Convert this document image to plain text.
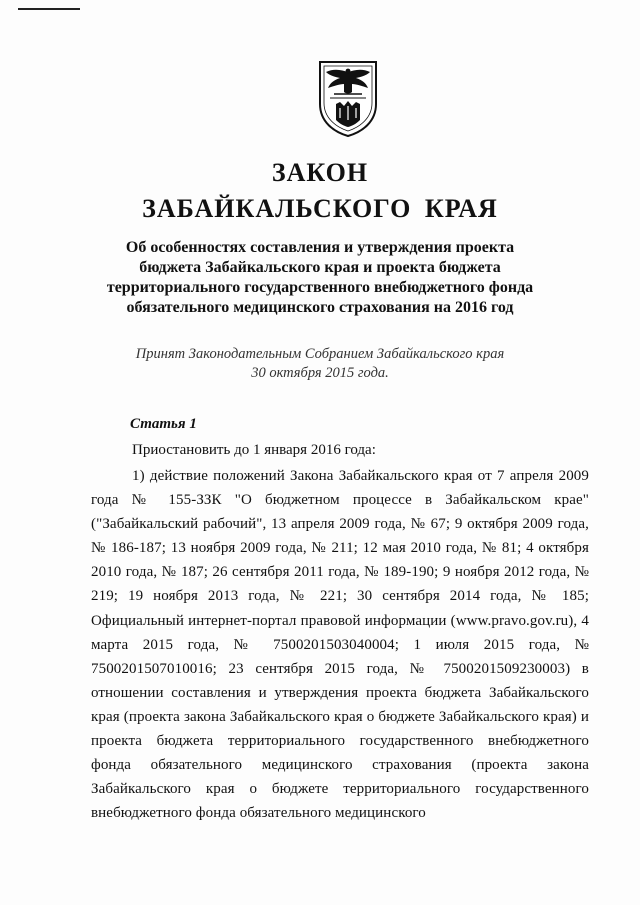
ЗАКОН
ЗАБАЙКАЛЬСКОГО КРАЯ
Об особенностях составления и утверждения проекта бюджета Забайкальского края и проекта бюджета территориального государственного внебюджетного фонда обязательного медицинского страхования на 2016 год
Принят Законодательным Собранием Забайкальского края
30 октября 2015 года.
Статья 1
Приостановить до 1 января 2016 года:
1) действие положений Закона Забайкальского края от 7 апреля 2009 года № 155-ЗЗК "О бюджетном процессе в Забайкальском крае" ("Забайкальский рабочий", 13 апреля 2009 года, № 67; 9 октября 2009 года, № 186-187; 13 ноября 2009 года, № 211; 12 мая 2010 года, № 81; 4 октября 2010 года, № 187; 26 сентября 2011 года, № 189-190; 9 ноября 2012 года, № 219; 19 ноября 2013 года, № 221; 30 сентября 2014 года, № 185; Официальный интернет-портал правовой информации (www.pravo.gov.ru), 4 марта 2015 года, № 7500201503040004; 1 июля 2015 года, № 7500201507010016; 23 сентября 2015 года, № 7500201509230003) в отношении составления и утверждения проекта бюджета Забайкальского края (проекта закона Забайкальского края о бюджете Забайкальского края) и проекта бюджета территориального государственного внебюджетного фонда обязательного медицинского страхования (проекта закона Забайкальского края о бюджете территориального государственного внебюджетного фонда обязательного медицинского
